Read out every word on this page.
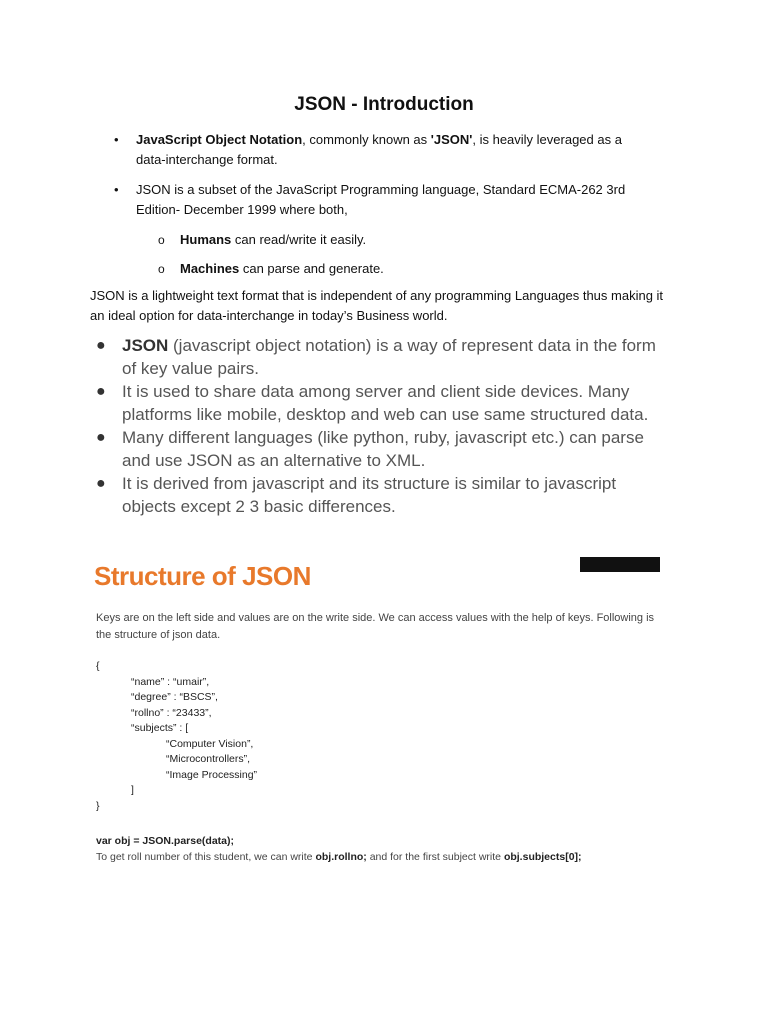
JSON - Introduction
• JavaScript Object Notation, commonly known as 'JSON', is heavily leveraged as a data-interchange format.
• JSON is a subset of the JavaScript Programming language, Standard ECMA-262 3rd Edition- December 1999 where both,
o Humans can read/write it easily.
o Machines can parse and generate.
JSON is a lightweight text format that is independent of any programming Languages thus making it an ideal option for data-interchange in today’s Business world.
● JSON (javascript object notation) is a way of represent data in the form of key value pairs.
● It is used to share data among server and client side devices. Many platforms like mobile, desktop and web can use same structured data.
● Many different languages (like python, ruby, javascript etc.) can parse and use JSON as an alternative to XML.
● It is derived from javascript and its structure is similar to javascript objects except 2 3 basic differences.
Structure of JSON
Keys are on the left side and values are on the write side. We can access values with the help of keys. Following is the structure of json data.
{
“name” : “umair”,
“degree” : “BSCS”,
“rollno” : “23433”,
“subjects” : [
“Computer Vision”,
“Microcontrollers”,
“Image Processing”
]
}
var obj = JSON.parse(data);
To get roll number of this student, we can write obj.rollno; and for the first subject write obj.subjects[0];
